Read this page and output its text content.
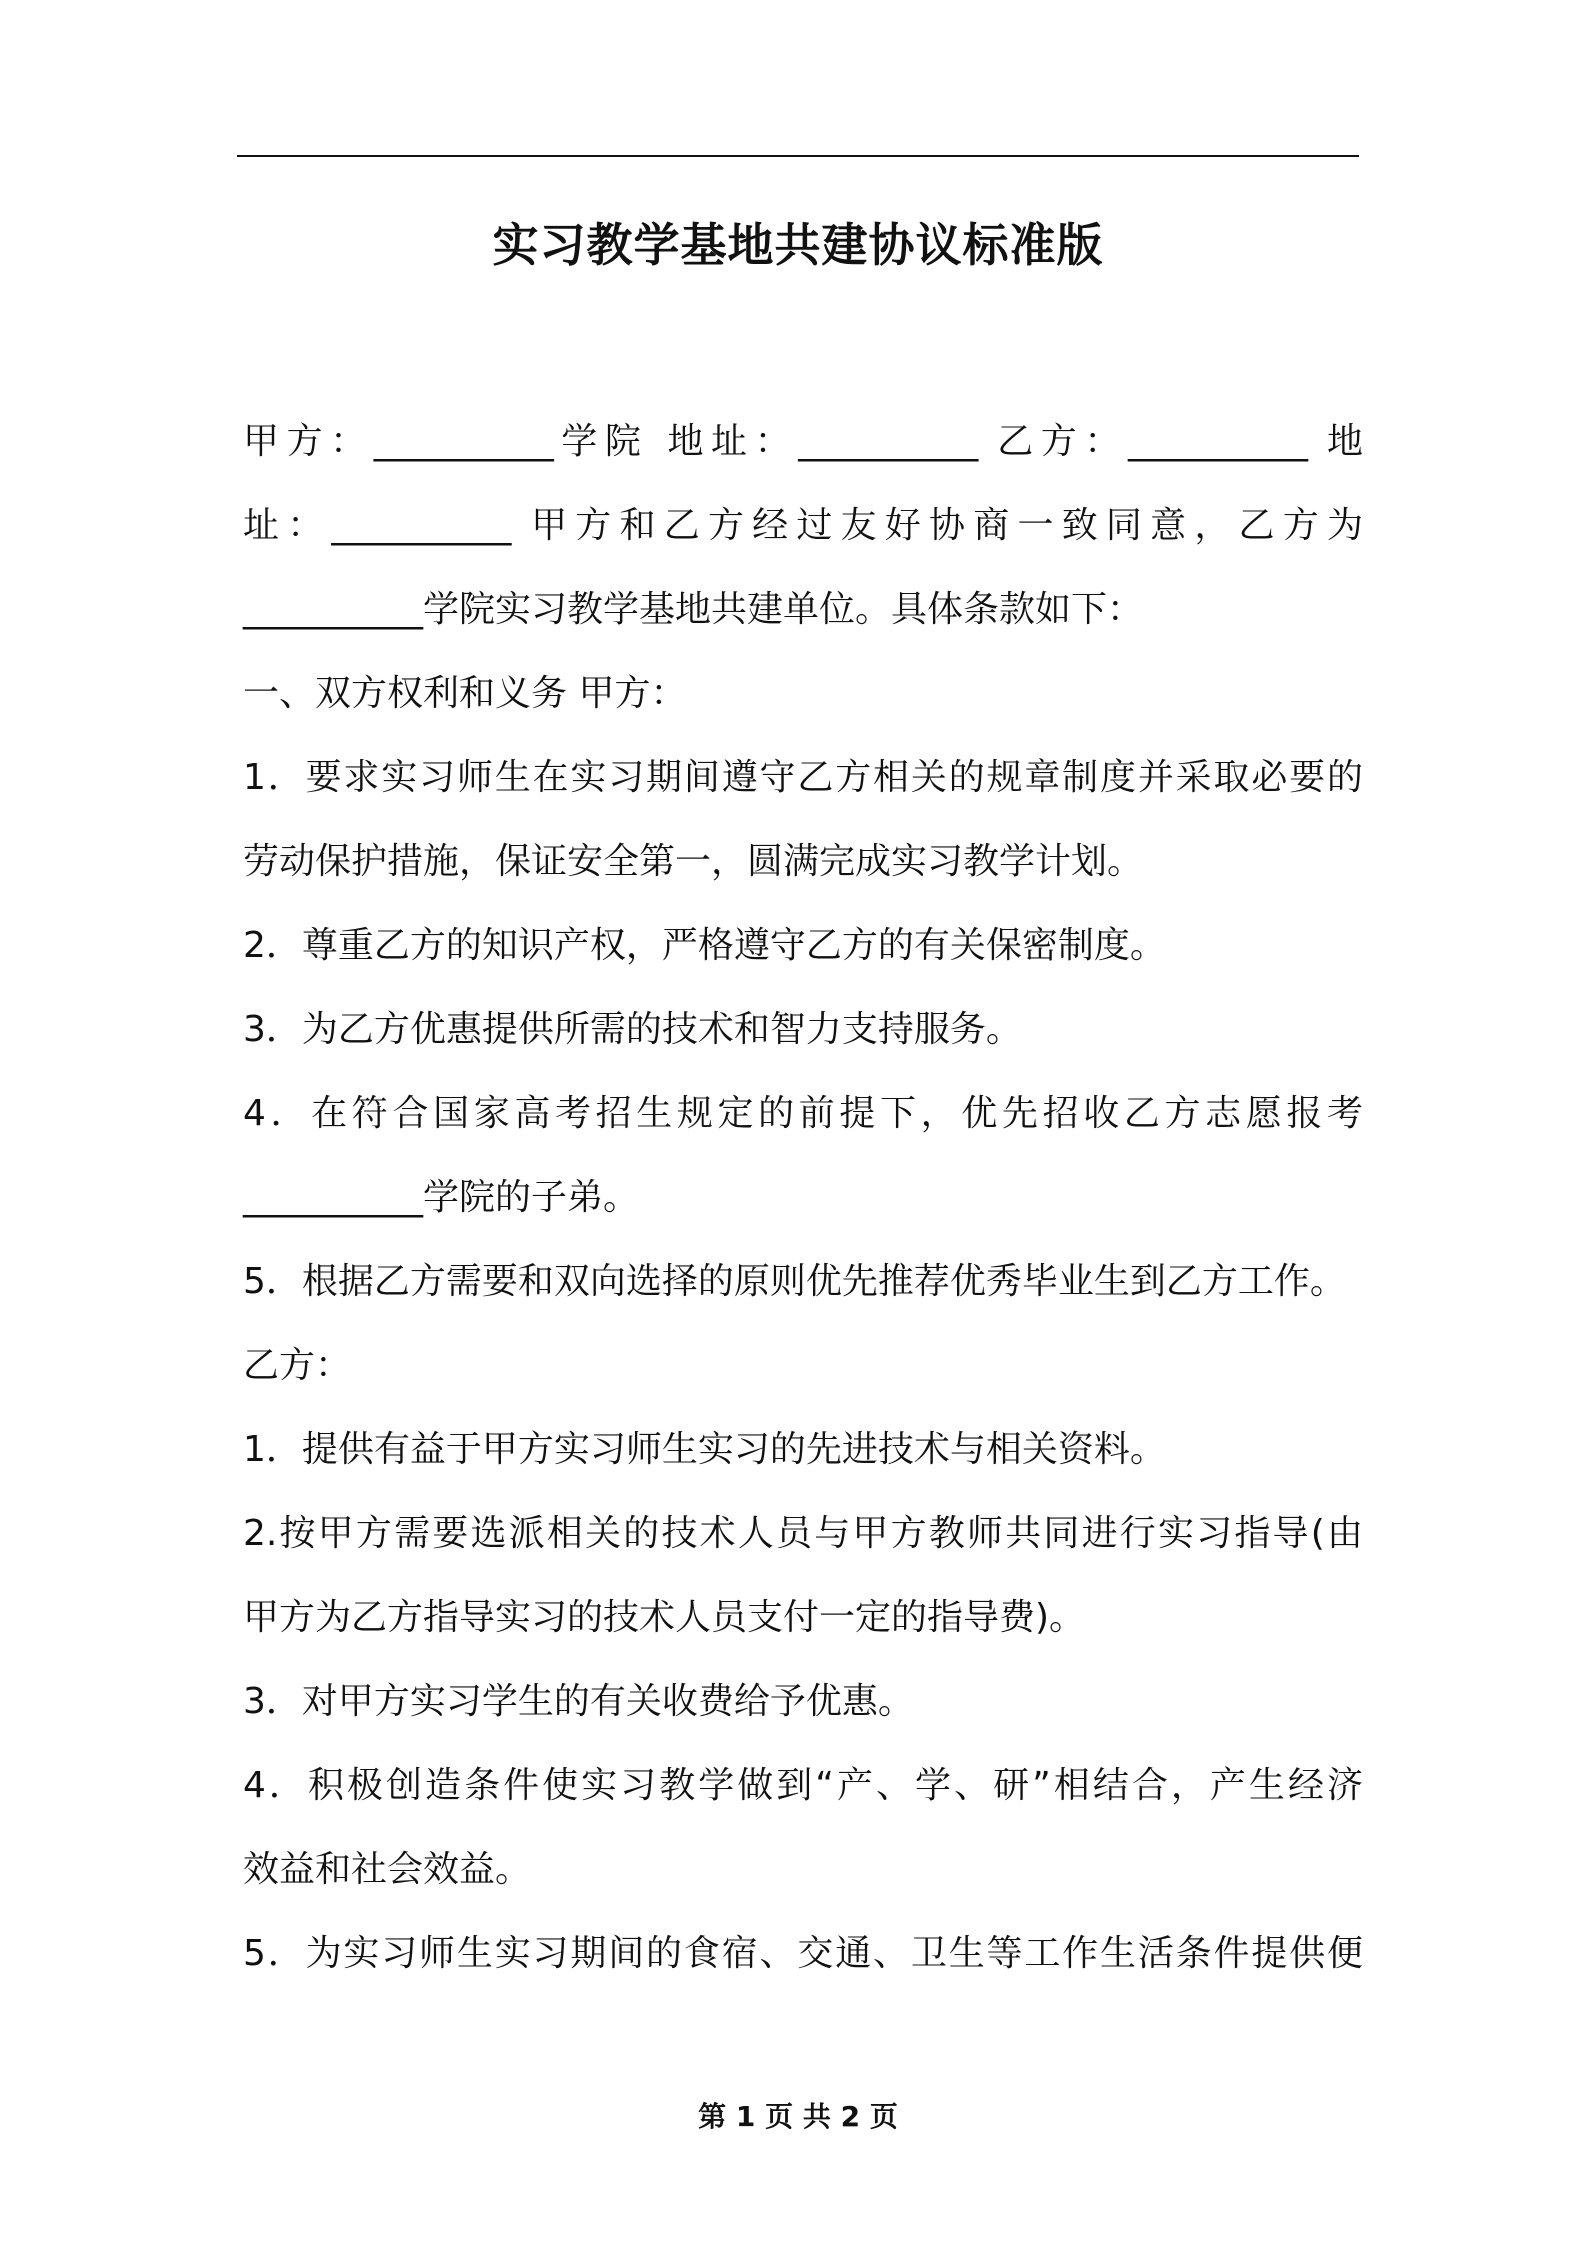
实习教学基地共建协议标准版
甲方：__________学院 地址：__________ 乙方：__________ 地
址：__________ 甲方和乙方经过友好协商一致同意，乙方为
__________学院实习教学基地共建单位。具体条款如下：
一、双方权利和义务 甲方：
1．要求实习师生在实习期间遵守乙方相关的规章制度并采取必要的
劳动保护措施，保证安全第一，圆满完成实习教学计划。
2．尊重乙方的知识产权，严格遵守乙方的有关保密制度。
3．为乙方优惠提供所需的技术和智力支持服务。
4．在符合国家高考招生规定的前提下，优先招收乙方志愿报考
__________学院的子弟。
5．根据乙方需要和双向选择的原则优先推荐优秀毕业生到乙方工作。
乙方：
1．提供有益于甲方实习师生实习的先进技术与相关资料。
2.按甲方需要选派相关的技术人员与甲方教师共同进行实习指导(由
甲方为乙方指导实习的技术人员支付一定的指导费)。
3．对甲方实习学生的有关收费给予优惠。
4．积极创造条件使实习教学做到“产、学、研”相结合，产生经济
效益和社会效益。
5．为实习师生实习期间的食宿、交通、卫生等工作生活条件提供便
第 1 页 共 2 页
